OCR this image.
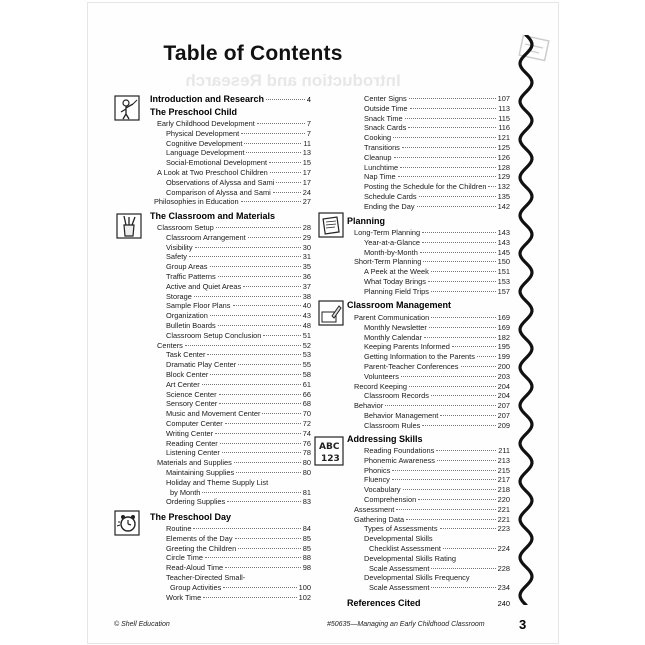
Introduction and Research
Table of Contents
ABC
123
Introduction and Research	4
The Preschool Child
Early Childhood Development	7
Physical Development	7
Cognitive Development	11
Language Development	13
Social-Emotional Development	15
A Look at Two Preschool Children	17
Observations of Alyssa and Sami	17
Comparison of Alyssa and Sami	24
Philosophies in Education	27
The Classroom and Materials
Classroom Setup	28
Classroom Arrangement	29
Visibility	30
Safety	31
Group Areas	35
Traffic Patterns	36
Active and Quiet Areas	37
Storage	38
Sample Floor Plans	40
Organization	43
Bulletin Boards	48
Classroom Setup Conclusion	51
Centers	52
Task Center	53
Dramatic Play Center	55
Block Center	58
Art Center	61
Science Center	66
Sensory Center	68
Music and Movement Center	70
Computer Center	72
Writing Center	74
Reading Center	76
Listening Center	78
Materials and Supplies	80
Maintaining Supplies	80
Holiday and Theme Supply List
by Month	81
Ordering Supplies	83
The Preschool Day
Routine	84
Elements of the Day	85
Greeting the Children	85
Circle Time	88
Read-Aloud Time	98
Teacher-Directed Small-
Group Activities	100
Work Time	102
Center Signs	107
Outside Time	113
Snack Time	115
Snack Cards	116
Cooking	121
Transitions	125
Cleanup	126
Lunchtime	128
Nap Time	129
Posting the Schedule for the Children 132
Schedule Cards	135
Ending the Day	142
Planning
Long-Term Planning	143
Year-at-a-Glance	143
Month-by-Month	145
Short-Term Planning	150
A Peek at the Week	151
What Today Brings	153
Planning Field Trips	157
Classroom Management
Parent Communication	169
Monthly Newsletter	169
Monthly Calendar	182
Keeping Parents Informed	195
Getting Information to the Parents	199
Parent-Teacher Conferences	200
Volunteers	203
Record Keeping	204
Classroom Records	204
Behavior	207
Behavior Management	207
Classroom Rules	209
Addressing Skills
Reading Foundations	211
Phonemic Awareness	213
Phonics	215
Fluency	217
Vocabulary	218
Comprehension	220
Assessment	221
Gathering Data	221
Types of Assessments	223
Developmental Skills
Checklist Assessment	224
Developmental Skills Rating
Scale Assessment	228
Developmental Skills Frequency
Scale Assessment	234
References Cited	240
© Shell Education	#50635—Managing an Early Childhood Classroom	3
